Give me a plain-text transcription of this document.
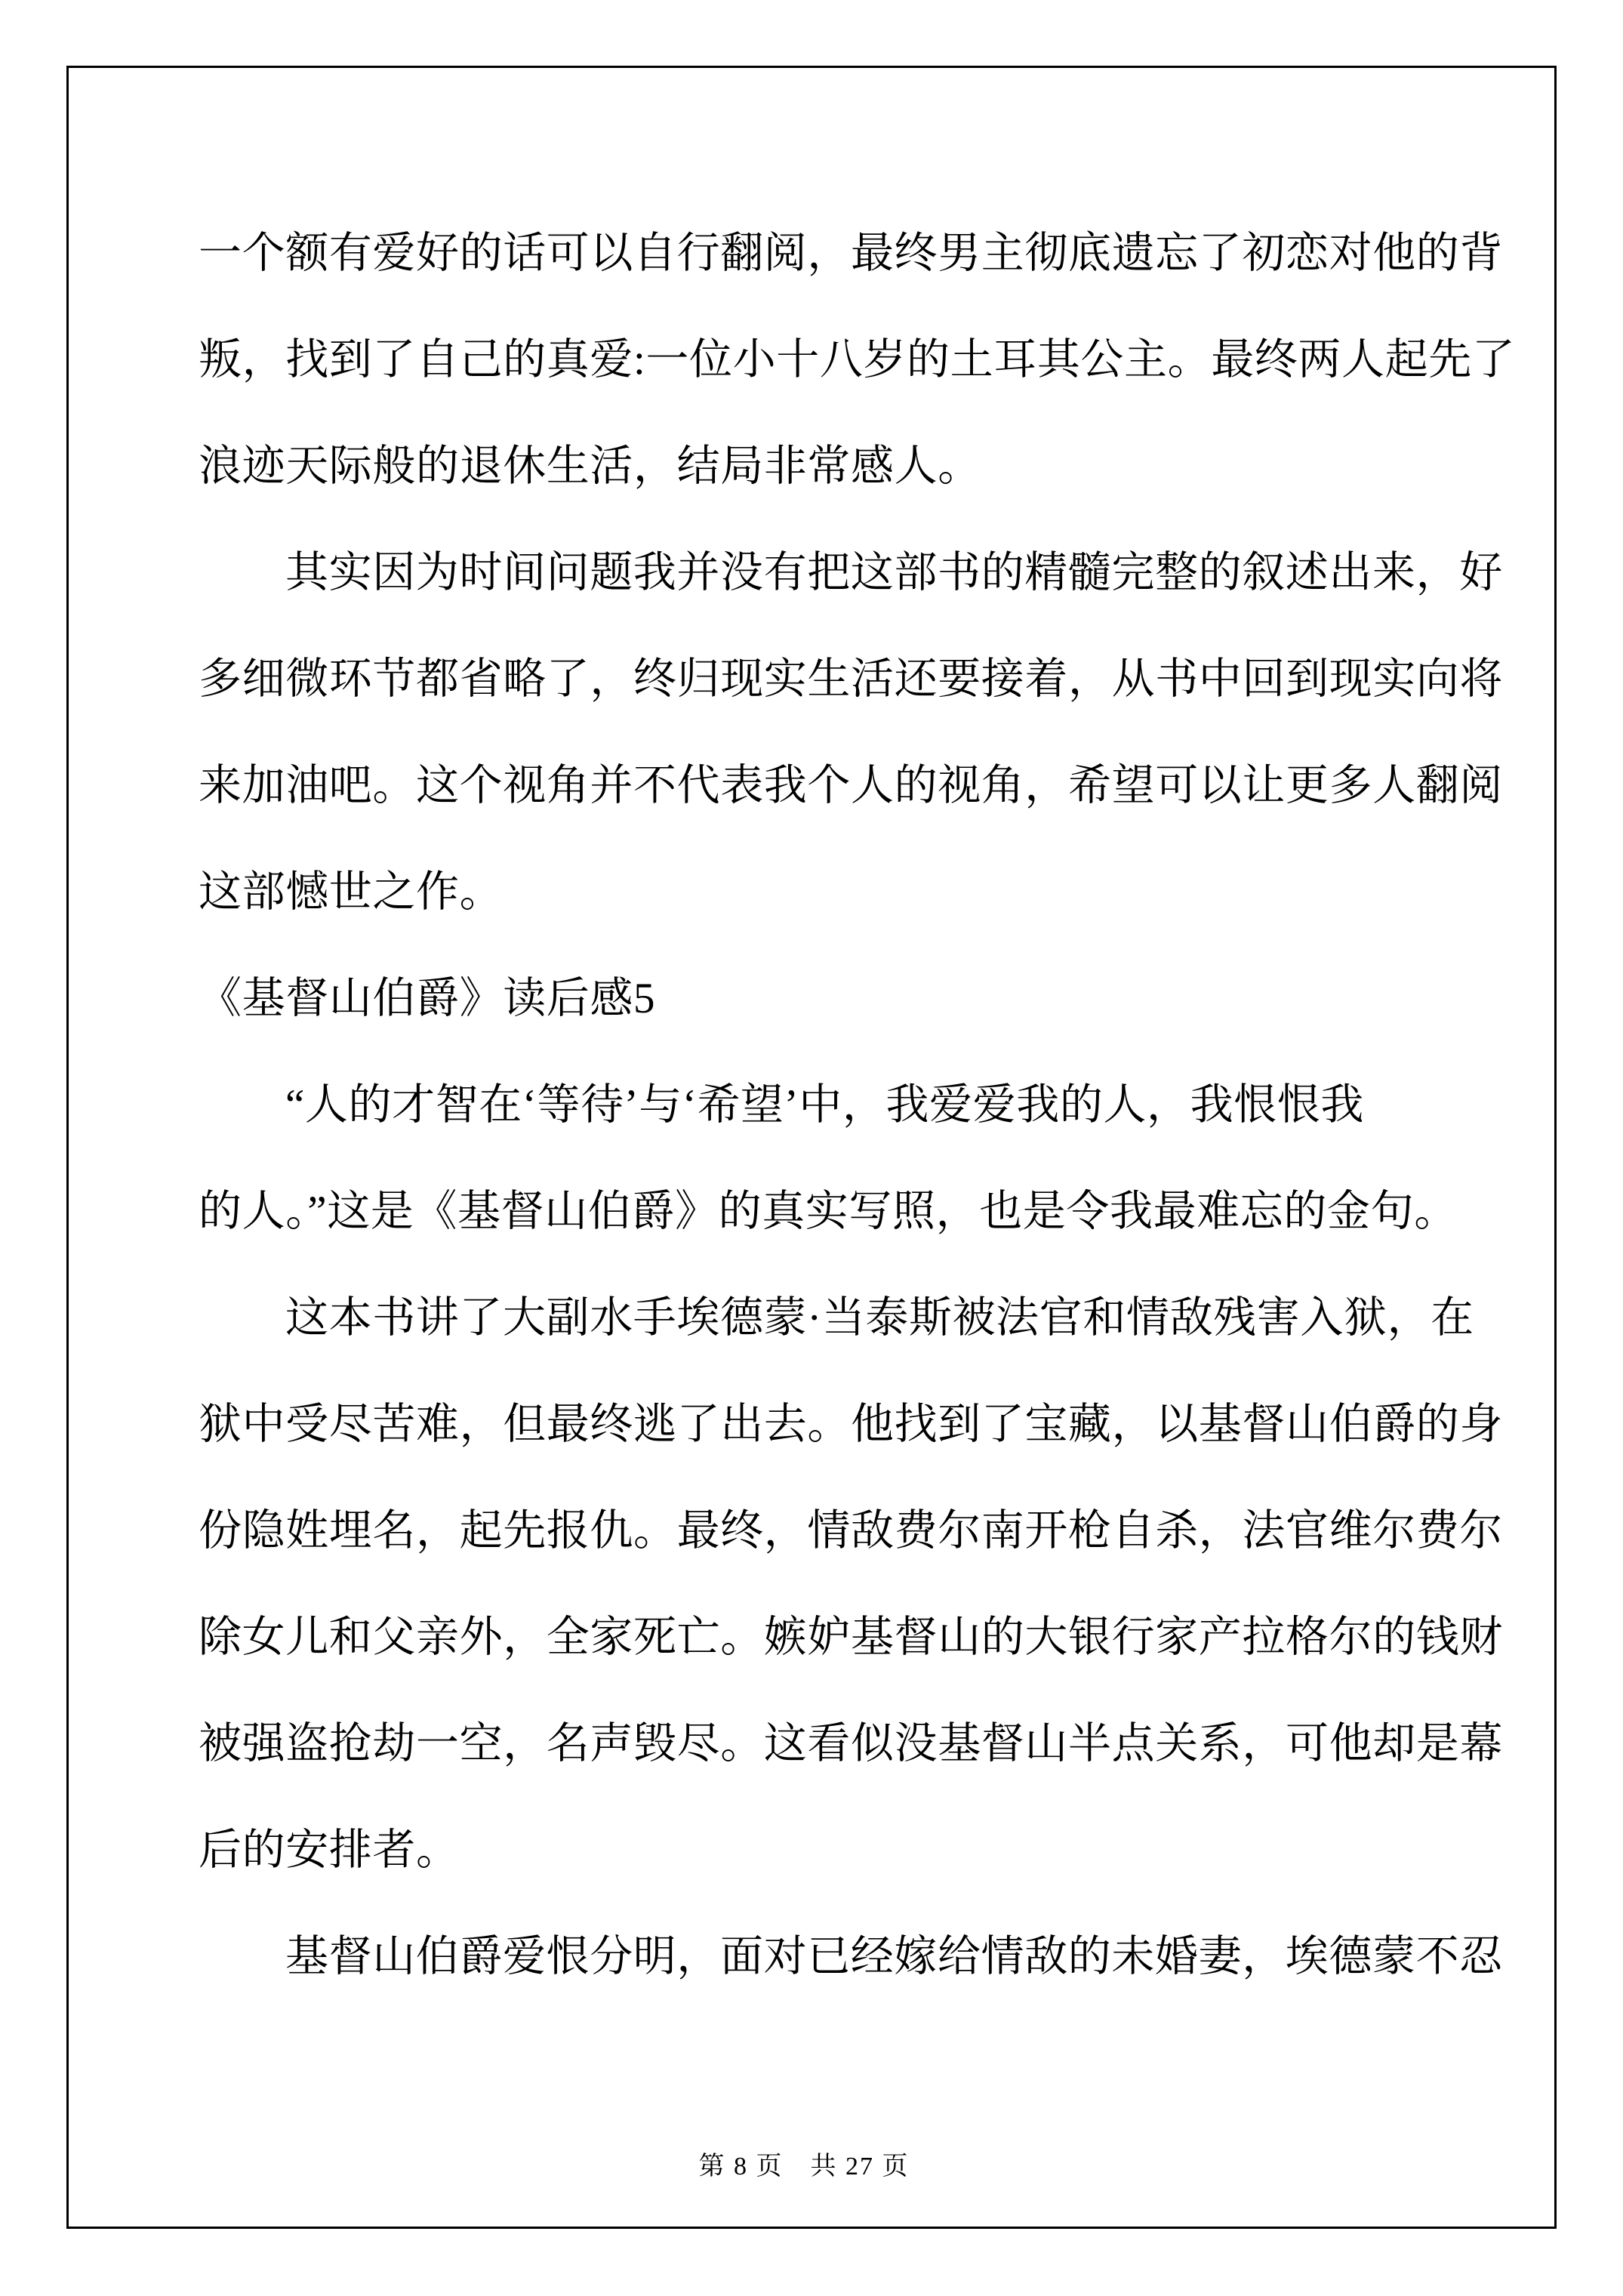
一个额有爱好的话可以自行翻阅，最终男主彻底遗忘了初恋对他的背
叛，找到了自己的真爱:一位小十八岁的土耳其公主。最终两人起先了
浪迹天际般的退休生活，结局非常感人。
其实因为时间问题我并没有把这部书的精髓完整的叙述出来，好
多细微环节都省略了，终归现实生活还要接着，从书中回到现实向将
来加油吧。这个视角并不代表我个人的视角，希望可以让更多人翻阅
这部憾世之作。
《基督山伯爵》读后感5
“人的才智在‘等待’与‘希望’中，我爱爱我的人，我恨恨我
的人。”这是《基督山伯爵》的真实写照，也是令我最难忘的金句。
这本书讲了大副水手埃德蒙·当泰斯被法官和情敌残害入狱，在
狱中受尽苦难，但最终逃了出去。他找到了宝藏，以基督山伯爵的身
份隐姓埋名，起先报仇。最终，情敌费尔南开枪自杀，法官维尔费尔
除女儿和父亲外，全家死亡。嫉妒基督山的大银行家产拉格尔的钱财
被强盗抢劫一空，名声毁尽。这看似没基督山半点关系，可他却是幕
后的安排者。
基督山伯爵爱恨分明，面对已经嫁给情敌的未婚妻，埃德蒙不忍

第 8 页　共 27 页
